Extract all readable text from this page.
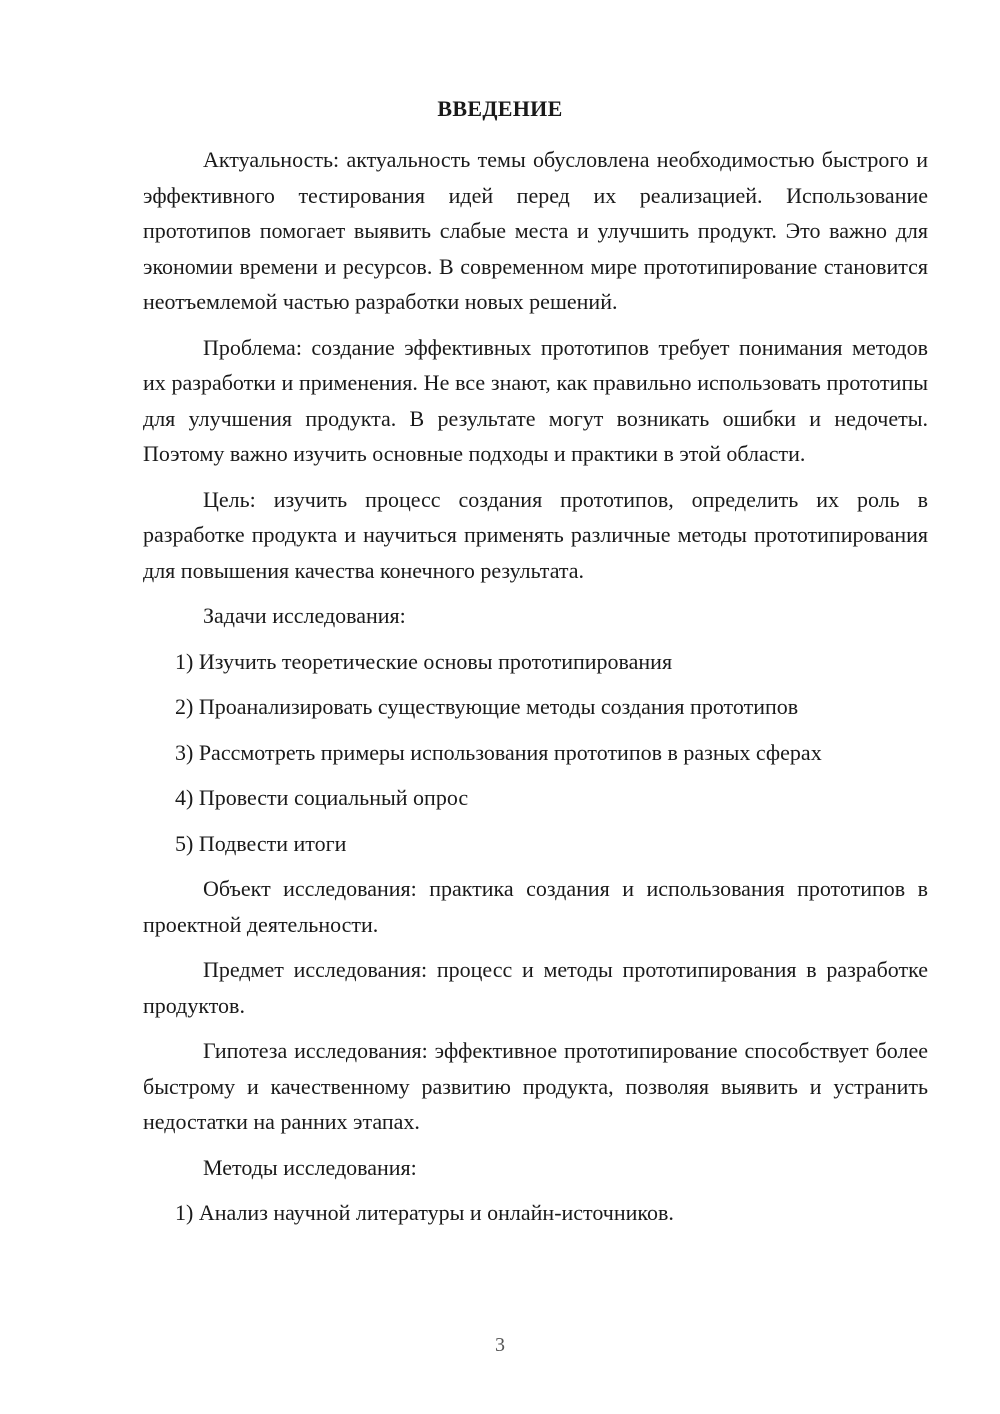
ВВЕДЕНИЕ

Актуальность: актуальность темы обусловлена необходимостью быстрого и эффективного тестирования идей перед их реализацией. Использование прототипов помогает выявить слабые места и улучшить продукт. Это важно для экономии времени и ресурсов. В современном мире прототипирование становится неотъемлемой частью разработки новых решений.

Проблема: создание эффективных прототипов требует понимания методов их разработки и применения. Не все знают, как правильно использовать прототипы для улучшения продукта. В результате могут возникать ошибки и недочеты. Поэтому важно изучить основные подходы и практики в этой области.

Цель: изучить процесс создания прототипов, определить их роль в разработке продукта и научиться применять различные методы прототипирования для повышения качества конечного результата.

Задачи исследования:

1) Изучить теоретические основы прототипирования
2) Проанализировать существующие методы создания прототипов
3) Рассмотреть примеры использования прототипов в разных сферах
4) Провести социальный опрос
5) Подвести итоги

Объект исследования: практика создания и использования прототипов в проектной деятельности.

Предмет исследования: процесс и методы прототипирования в разработке продуктов.

Гипотеза исследования: эффективное прототипирование способствует более быстрому и качественному развитию продукта, позволяя выявить и устранить недостатки на ранних этапах.

Методы исследования:

1) Анализ научной литературы и онлайн-источников.
3
